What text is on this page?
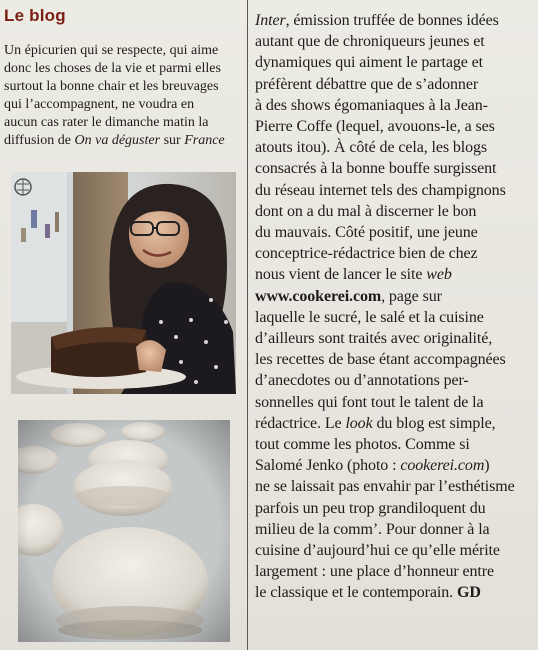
Le blog
Un épicurien qui se respecte, qui aime
donc les choses de la vie et parmi elles
surtout la bonne chair et les breuvages
qui l’accompagnent, ne voudra en
aucun cas rater le dimanche matin la
diffusion de On va déguster sur France
Inter, émission truffée de bonnes idées
autant que de chroniqueurs jeunes et
dynamiques qui aiment le partage et
préfèrent débattre que de s’adonner
à des shows égomaniaques à la Jean-
Pierre Coffe (lequel, avouons-le, a ses
atouts itou). À côté de cela, les blogs
consacrés à la bonne bouffe surgissent
du réseau internet tels des champignons
dont on a du mal à discerner le bon
du mauvais. Côté positif, une jeune
conceptrice-rédactrice bien de chez
nous vient de lancer le site web
www.cookerei.com, page sur
laquelle le sucré, le salé et la cuisine
d’ailleurs sont traités avec originalité,
les recettes de base étant accompagnées
d’anecdotes ou d’annotations per-
sonnelles qui font tout le talent de la
rédactrice. Le look du blog est simple,
tout comme les photos. Comme si
Salomé Jenko (photo : cookerei.com)
ne se laissait pas envahir par l’esthétisme
parfois un peu trop grandiloquent du
milieu de la comm’. Pour donner à la
cuisine d’aujourd’hui ce qu’elle mérite
largement : une place d’honneur entre
le classique et le contemporain. GD
